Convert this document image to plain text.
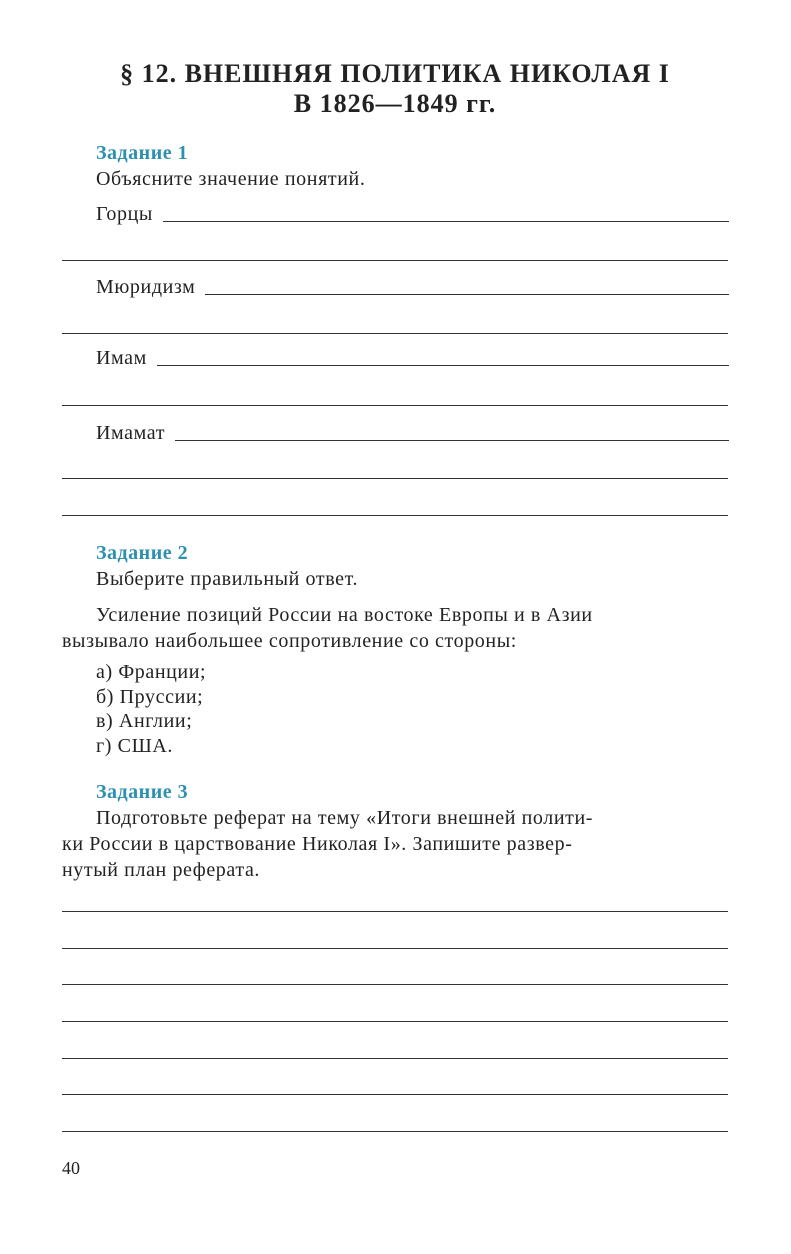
§ 12. ВНЕШНЯЯ ПОЛИТИКА НИКОЛАЯ I
В 1826—1849 гг.
Задание 1
Объясните значение понятий.
Горцы
Мюридизм
Имам
Имамат
Задание 2
Выберите правильный ответ.
Усиление позиций России на востоке Европы и в Азии
вызывало наибольшее сопротивление со стороны:
а) Франции;
б) Пруссии;
в) Англии;
г) США.
Задание 3
Подготовьте реферат на тему «Итоги внешней полити-
ки России в царствование Николая I». Запишите развер-
нутый план реферата.
40
